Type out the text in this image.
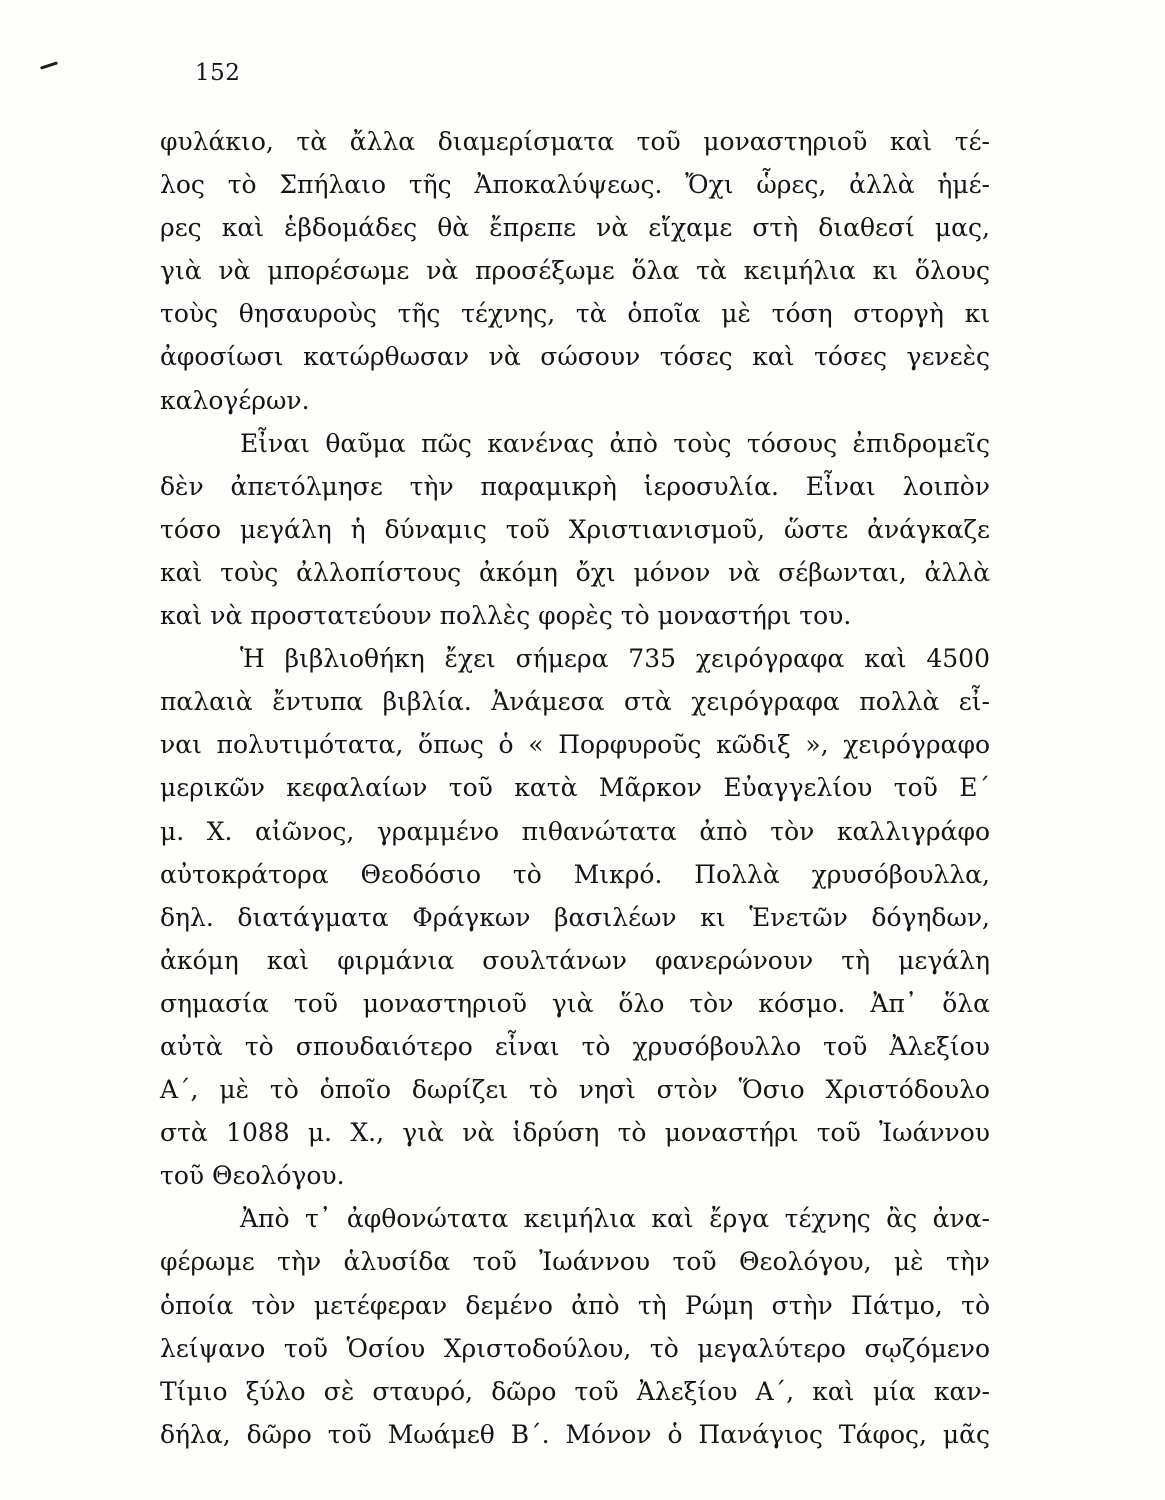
152
φυλάκιο, τὰ ἄλλα διαμερίσματα τοῦ μοναστηριοῦ καὶ τέ-
λος τὸ Σπήλαιο τῆς Ἀποκαλύψεως. Ὄχι ὧρες, ἀλλὰ ἡμέ-
ρες καὶ ἑβδομάδες θὰ ἔπρεπε νὰ εἴχαμε στὴ διαθεσί μας,
γιὰ νὰ μπορέσωμε νὰ προσέξωμε ὅλα τὰ κειμήλια κι ὅλους
τοὺς θησαυροὺς τῆς τέχνης, τὰ ὁποῖα μὲ τόση στοργὴ κι
ἀφοσίωσι κατώρθωσαν νὰ σώσουν τόσες καὶ τόσες γενεὲς
καλογέρων.
Εἶναι θαῦμα πῶς κανένας ἀπὸ τοὺς τόσους ἐπιδρομεῖς
δὲν ἀπετόλμησε τὴν παραμικρὴ ἱεροσυλία. Εἶναι λοιπὸν
τόσο μεγάλη ἡ δύναμις τοῦ Χριστιανισμοῦ, ὥστε ἀνάγκαζε
καὶ τοὺς ἀλλοπίστους ἀκόμη ὄχι μόνον νὰ σέβωνται, ἀλλὰ
καὶ νὰ προστατεύουν πολλὲς φορὲς τὸ μοναστήρι του.
Ἡ βιβλιοθήκη ἔχει σήμερα 735 χειρόγραφα καὶ 4500
παλαιὰ ἔντυπα βιβλία. Ἀνάμεσα στὰ χειρόγραφα πολλὰ εἶ-
ναι πολυτιμότατα, ὅπως ὁ « Πορφυροῦς κῶδιξ », χειρόγραφο
μερικῶν κεφαλαίων τοῦ κατὰ Μᾶρκον Εὐαγγελίου τοῦ Ε´
μ. Χ. αἰῶνος, γραμμένο πιθανώτατα ἀπὸ τὸν καλλιγράφο
αὐτοκράτορα Θεοδόσιο τὸ Μικρό. Πολλὰ χρυσόβουλλα,
δηλ. διατάγματα Φράγκων βασιλέων κι Ἑνετῶν δόγηδων,
ἀκόμη καὶ φιρμάνια σουλτάνων φανερώνουν τὴ μεγάλη
σημασία τοῦ μοναστηριοῦ γιὰ ὅλο τὸν κόσμο. Ἀπ᾽ ὅλα
αὐτὰ τὸ σπουδαιότερο εἶναι τὸ χρυσόβουλλο τοῦ Ἀλεξίου
Α´, μὲ τὸ ὁποῖο δωρίζει τὸ νησὶ στὸν Ὅσιο Χριστόδουλο
στὰ 1088 μ. Χ., γιὰ νὰ ἱδρύση τὸ μοναστήρι τοῦ Ἰωάννου
τοῦ Θεολόγου.
Ἀπὸ τ᾽ ἀφθονώτατα κειμήλια καὶ ἔργα τέχνης ἂς ἀνα-
φέρωμε τὴν ἁλυσίδα τοῦ Ἰωάννου τοῦ Θεολόγου, μὲ τὴν
ὁποία τὸν μετέφεραν δεμένο ἀπὸ τὴ Ρώμη στὴν Πάτμο, τὸ
λείψανο τοῦ Ὁσίου Χριστοδούλου, τὸ μεγαλύτερο σῳζόμενο
Τίμιο ξύλο σὲ σταυρό, δῶρο τοῦ Ἀλεξίου Α´, καὶ μία καν-
δήλα, δῶρο τοῦ Μωάμεθ Β´. Μόνον ὁ Πανάγιος Τάφος, μᾶς
